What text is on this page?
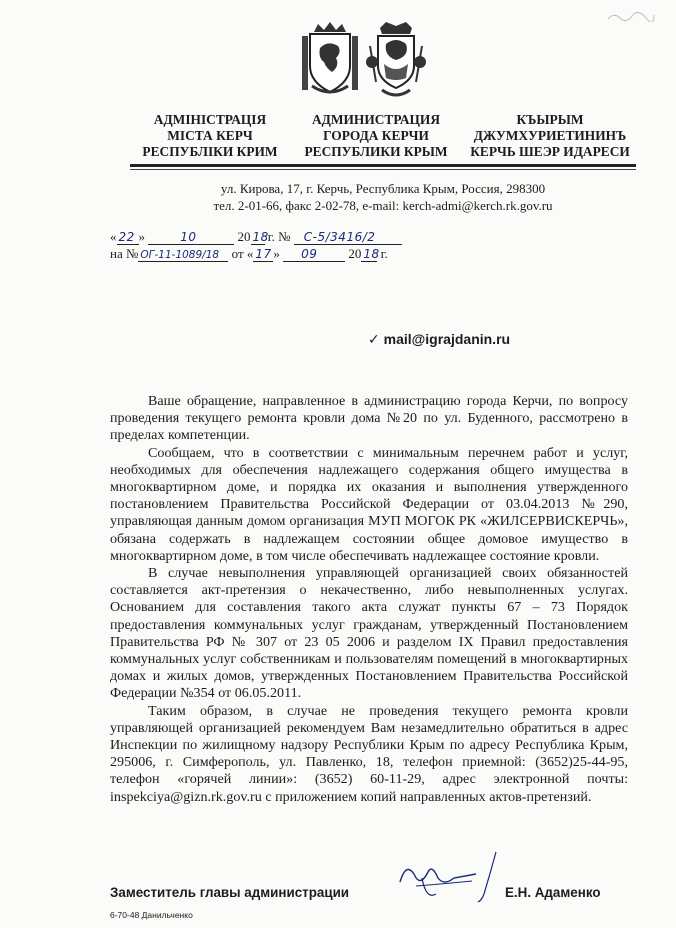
АДМІНІСТРАЦІЯ
МІСТА КЕРЧ
РЕСПУБЛІКИ КРИМ
АДМИНИСТРАЦИЯ
ГОРОДА КЕРЧИ
РЕСПУБЛИКИ КРЫМ
КЪЫРЫМ
ДЖУМХУРИЕТИНИНЪ
КЕРЧЬ ШЕЭР ИДАРЕСИ
ул. Кирова, 17, г. Керчь, Республика Крым, Россия, 298300
тел. 2-01-66, факс 2-02-78, e-mail: kerch-admi@kerch.rk.gov.ru
« 22 »	10	20 18
г. № С-5/3416/2
на № ОГ-11-1089/18 от « 17 » 09 20 18 г.
✓ mail@igrajdanin.ru

Ваше обращение, направленное в администрацию города Керчи, по вопросу проведения текущего ремонта кровли дома №20 по ул. Буденного, рассмотрено в пределах компетенции.

Сообщаем, что в соответствии с минимальным перечнем работ и услуг, необходимых для обеспечения надлежащего содержания общего имущества в многоквартирном доме, и порядка их оказания и выполнения утвержденного постановлением Правительства Российской Федерации от 03.04.2013 №290, управляющая данным домом организация МУП МОГОК РК «ЖИЛСЕРВИСКЕРЧЬ», обязана содержать в надлежащем состоянии общее домовое имущество в многоквартирном доме, в том числе обеспечивать надлежащее состояние кровли.

В случае невыполнения управляющей организацией своих обязанностей составляется акт-претензия о некачественно, либо невыполненных услугах. Основанием для составления такого акта служат пункты 67 – 73 Порядок предоставления коммунальных услуг гражданам, утвержденный Постановлением Правительства РФ № 307 от 23 05 2006 и разделом IX Правил предоставления коммунальных услуг собственникам и пользователям помещений в многоквартирных домах и жилых домов, утвержденных Постановлением Правительства Российской Федерации №354 от 06.05.2011.

Таким образом, в случае не проведения текущего ремонта кровли управляющей организацией рекомендуем Вам незамедлительно обратиться в адрес Инспекции по жилищному надзору Республики Крым по адресу Республика Крым, 295006, г. Симферополь, ул. Павленко, 18, телефон приемной: (3652)25-44-95, телефон «горячей линии»: (3652) 60-11-29, адрес электронной почты: inspekciya@gizn.rk.gov.ru с приложением копий направленных актов-претензий.

Заместитель главы администрации	Е.Н. Адаменко
6-70-48 Данильченко
